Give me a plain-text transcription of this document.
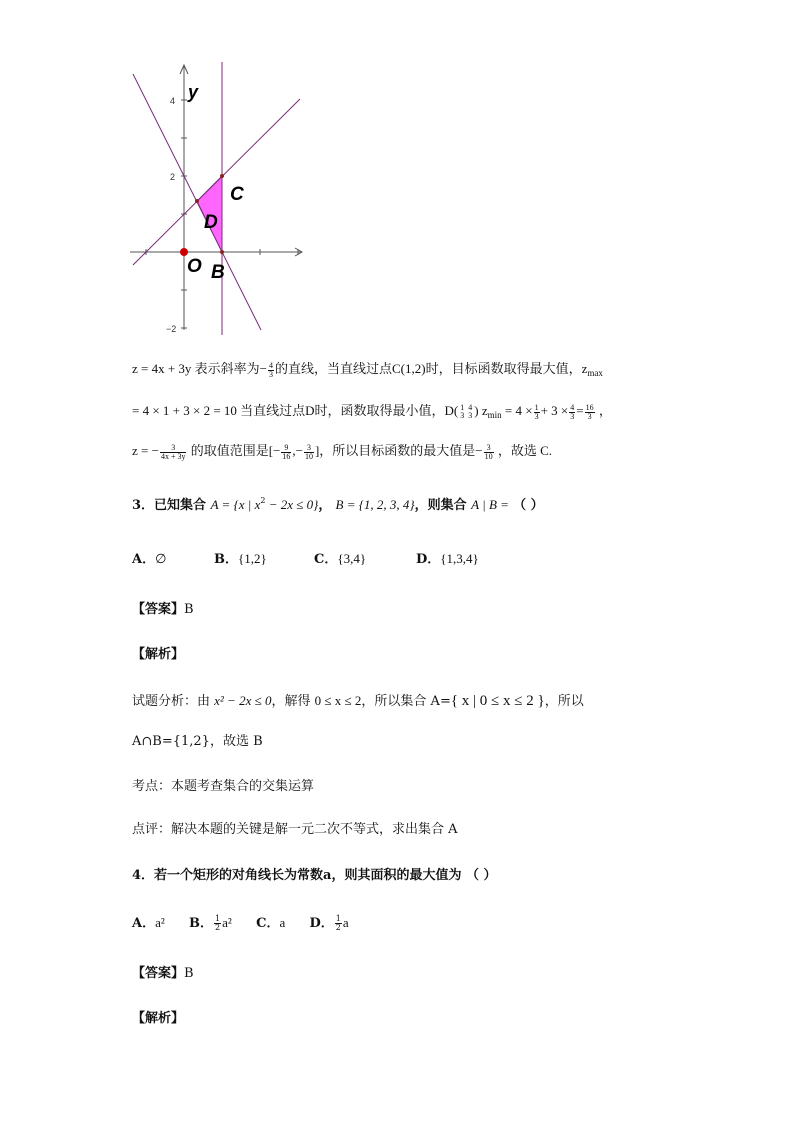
y
4
2
−2
C
D
O B
z = 4x + 3y 表示斜率为− $\frac{4}{3}$ 的直线，当直线过点C(1,2)时，目标函数取得最大值，$z_{max}$
= 4 × 1 + 3 × 2 = 10 当直线过点D时，函数取得最小值，D( 1
3
4
3 ) $z_{min} = 4 \times \frac{1}{3} + 3 \times \frac{4}{3} = \frac{16}{3}$ ，
z = − $\frac{3}{4x + 3y}$ 的取值范围是[− $\frac{9}{16}$ ,− $\frac{3}{10}$ ]，所以目标函数的最大值是− $\frac{3}{10}$ ，故选 C.
3．已知集合 A = {x | $x^2 - 2x \le 0$}， B = {1, 2, 3, 4}，则集合 A | B = （ ）
A．∅	B．{1,2}	C．{3,4}	D．{1,3,4}
【答案】B
【解析】
试题分析：由 x² − 2x ≤ 0，解得 0 ≤ x ≤ 2，所以集合 A={ x | 0 ≤ x ≤ 2 }，所以
A∩B={1,2}，故选 B
考点：本题考查集合的交集运算
点评：解决本题的关键是解一元二次不等式，求出集合 A
4．若一个矩形的对角线长为常数a，则其面积的最大值为 （ ）
A．a² B． $\frac{1}{2} a^2$ C．a D． $\frac{1}{2}$ a
【答案】B
【解析】
